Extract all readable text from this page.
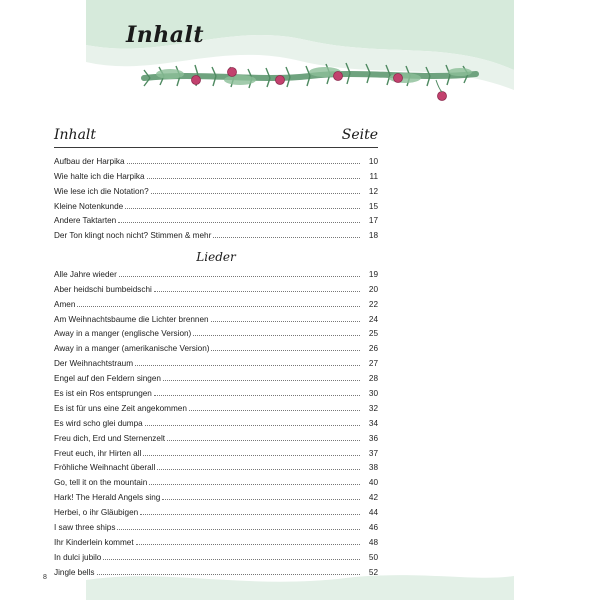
Inhalt
Inhalt	Seite
Aufbau der Harpika	10
Wie halte ich die Harpika	11
Wie lese ich die Notation?	12
Kleine Notenkunde	15
Andere Taktarten	17
Der Ton klingt noch nicht? Stimmen & mehr	18
Lieder
Alle Jahre wieder	19
Aber heidschi bumbeidschi	20
Amen	22
Am Weihnachtsbaume die Lichter brennen	24
Away in a manger (englische Version)	25
Away in a manger (amerikanische Version)	26
Der Weihnachtstraum	27
Engel auf den Feldern singen	28
Es ist ein Ros entsprungen	30
Es ist für uns eine Zeit angekommen	32
Es wird scho glei dumpa	34
Freu dich, Erd und Sternenzelt	36
Freut euch, ihr Hirten all	37
Fröhliche Weihnacht überall	38
Go, tell it on the mountain	40
Hark! The Herald Angels sing	42
Herbei, o ihr Gläubigen	44
I saw three ships	46
Ihr Kinderlein kommet	48
In dulci jubilo	50
Jingle bells	52
8
